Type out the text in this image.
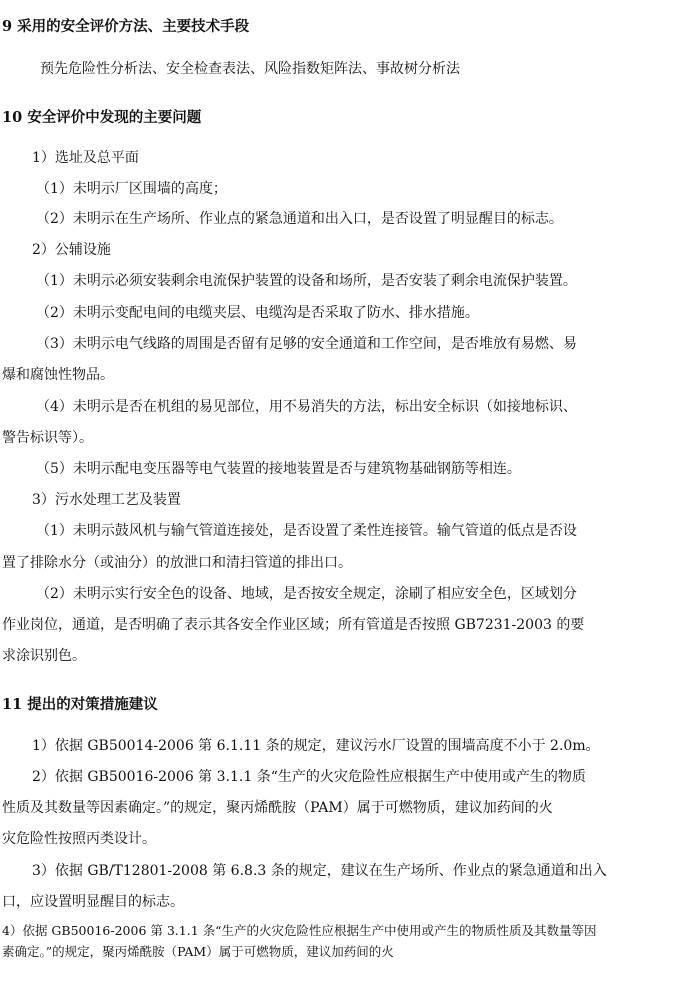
9 采用的安全评价方法、主要技术手段
预先危险性分析法、安全检查表法、风险指数矩阵法、事故树分析法
10 安全评价中发现的主要问题
1）选址及总平面
（1）未明示厂区围墙的高度；
（2）未明示在生产场所、作业点的紧急通道和出入口，是否设置了明显醒目的标志。
2）公辅设施
（1）未明示必须安装剩余电流保护装置的设备和场所，是否安装了剩余电流保护装置。
（2）未明示变配电间的电缆夹层、电缆沟是否采取了防水、排水措施。
（3）未明示电气线路的周围是否留有足够的安全通道和工作空间，是否堆放有易燃、易
爆和腐蚀性物品。
（4）未明示是否在机组的易见部位，用不易消失的方法，标出安全标识（如接地标识、
警告标识等）。
（5）未明示配电变压器等电气装置的接地装置是否与建筑物基础钢筋等相连。
3）污水处理工艺及装置
（1）未明示鼓风机与输气管道连接处，是否设置了柔性连接管。输气管道的低点是否设
置了排除水分（或油分）的放泄口和清扫管道的排出口。
（2）未明示实行安全色的设备、地域，是否按安全规定，涂刷了相应安全色，区域划分
作业岗位，通道，是否明确了表示其各安全作业区域；所有管道是否按照 GB7231-2003 的要
求涂识别色。
11 提出的对策措施建议
1）依据 GB50014-2006 第 6.1.11 条的规定，建议污水厂设置的围墙高度不小于 2.0m。
2）依据 GB50016-2006 第 3.1.1 条“生产的火灾危险性应根据生产中使用或产生的物质
性质及其数量等因素确定。”的规定，聚丙烯酰胺（PAM）属于可燃物质，建议加药间的火
灾危险性按照丙类设计。
3）依据 GB/T12801-2008 第 6.8.3 条的规定，建议在生产场所、作业点的紧急通道和出入
口，应设置明显醒目的标志。
4）依据 GB50016-2006 第 3.1.1 条“生产的火灾危险性应根据生产中使用或产生的物质性质及其数量等因
素确定。”的规定，聚丙烯酰胺（PAM）属于可燃物质，建议加药间的火
